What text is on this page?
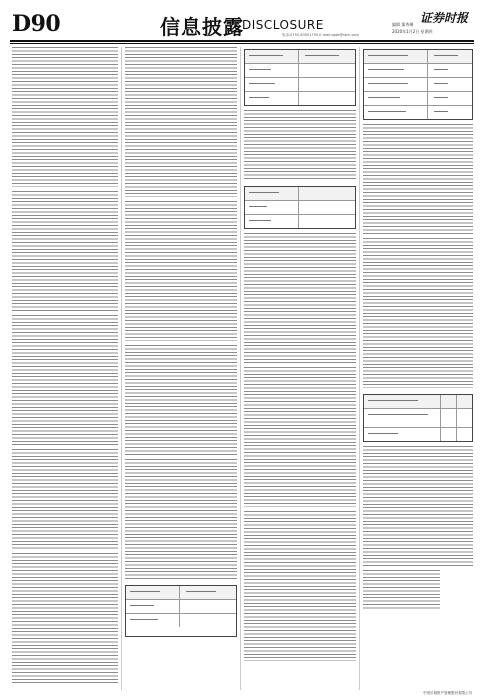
D90	信息披露
DISCLOSURE	证券时报
编辑 董秀琳
2020年1月2日 星期四
电话:0755-83501750 E-mail:zqsb@stcn.com
中国长城资产管理股份有限公司
